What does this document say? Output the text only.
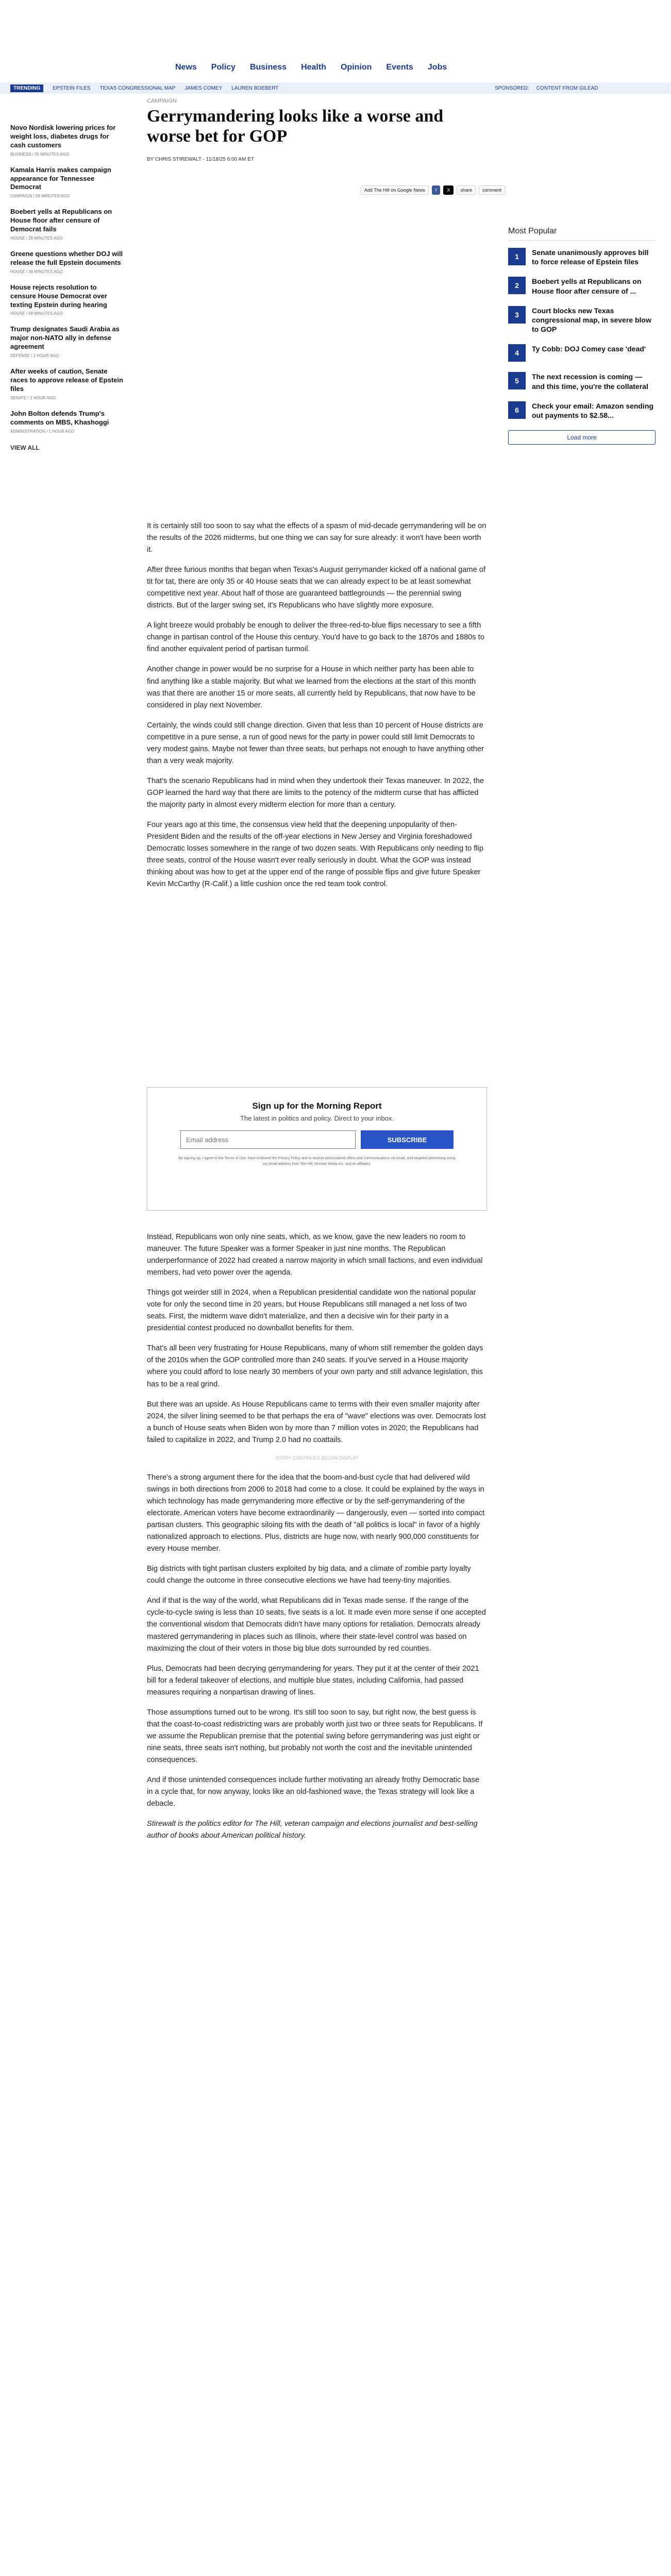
News Policy Business Health Opinion Events Jobs
TRENDING	EPSTEIN FILES TEXAS CONGRESSIONAL MAP JAMES COMEY LAUREN BOEBERT	SPONSORED: CONTENT FROM GILEAD
Novo Nordisk lowering prices for weight loss, diabetes drugs for cash customers
BUSINESS / 25 MINUTES AGO
Kamala Harris makes campaign appearance for Tennessee Democrat
CAMPAIGN / 28 MINUTES AGO
Boebert yells at Republicans on House floor after censure of Democrat fails
HOUSE / 28 MINUTES AGO
Greene questions whether DOJ will release the full Epstein documents
HOUSE / 38 MINUTES AGO
House rejects resolution to censure House Democrat over texting Epstein during hearing
HOUSE / 58 MINUTES AGO
Trump designates Saudi Arabia as major non-NATO ally in defense agreement
DEFENSE / 1 HOUR AGO
After weeks of caution, Senate races to approve release of Epstein files
SENATE / 1 HOUR AGO
John Bolton defends Trump's comments on MBS, Khashoggi
ADMINISTRATION / 1 HOUR AGO
VIEW ALL
CAMPAIGN
Gerrymandering looks like a worse and worse bet for GOP
BY CHRIS STIREWALT - 11/18/25 6:00 AM ET
Add The Hill on Google News	f	X	share	comment
Most Popular
1	Senate unanimously approves bill to force release of Epstein files
2	Boebert yells at Republicans on House floor after censure of ...
3	Court blocks new Texas congressional map, in severe blow to GOP
4	Ty Cobb: DOJ Comey case 'dead'
5	The next recession is coming — and this time, you're the collateral
6	Check your email: Amazon sending out payments to $2.58...
Load more

It is certainly still too soon to say what the effects of a spasm of mid-decade gerrymandering will be on the results of the 2026 midterms, but one thing we can say for sure already: it won't have been worth it.

After three furious months that began when Texas's August gerrymander kicked off a national game of tit for tat, there are only 35 or 40 House seats that we can already expect to be at least somewhat competitive next year. About half of those are guaranteed battlegrounds — the perennial swing districts. But of the larger swing set, it's Republicans who have slightly more exposure.

A light breeze would probably be enough to deliver the three-red-to-blue flips necessary to see a fifth change in partisan control of the House this century. You'd have to go back to the 1870s and 1880s to find another equivalent period of partisan turmoil.

Another change in power would be no surprise for a House in which neither party has been able to find anything like a stable majority. But what we learned from the elections at the start of this month was that there are another 15 or more seats, all currently held by Republicans, that now have to be considered in play next November.

Certainly, the winds could still change direction. Given that less than 10 percent of House districts are competitive in a pure sense, a run of good news for the party in power could still limit Democrats to very modest gains. Maybe not fewer than three seats, but perhaps not enough to have anything other than a very weak majority.

That's the scenario Republicans had in mind when they undertook their Texas maneuver. In 2022, the GOP learned the hard way that there are limits to the potency of the midterm curse that has afflicted the majority party in almost every midterm election for more than a century.

Four years ago at this time, the consensus view held that the deepening unpopularity of then-President Biden and the results of the off-year elections in New Jersey and Virginia foreshadowed Democratic losses somewhere in the range of two dozen seats. With Republicans only needing to flip three seats, control of the House wasn't ever really seriously in doubt. What the GOP was instead thinking about was how to get at the upper end of the range of possible flips and give future Speaker Kevin McCarthy (R-Calif.) a little cushion once the red team took control.

Sign up for the Morning Report
The latest in politics and policy. Direct to your inbox.
Email address
SUBSCRIBE
By signing up, I agree to the Terms of Use, have reviewed the Privacy Policy and to receive personalized offers and communications via email, and targeted advertising using my email address from The Hill, Nexstar Media Inc. and its affiliates.

Instead, Republicans won only nine seats, which, as we know, gave the new leaders no room to maneuver. The future Speaker was a former Speaker in just nine months. The Republican underperformance of 2022 had created a narrow majority in which small factions, and even individual members, had veto power over the agenda.

Things got weirder still in 2024, when a Republican presidential candidate won the national popular vote for only the second time in 20 years, but House Republicans still managed a net loss of two seats. First, the midterm wave didn't materialize, and then a decisive win for their party in a presidential contest produced no downballot benefits for them.

That's all been very frustrating for House Republicans, many of whom still remember the golden days of the 2010s when the GOP controlled more than 240 seats. If you've served in a House majority where you could afford to lose nearly 30 members of your own party and still advance legislation, this has to be a real grind.

But there was an upside. As House Republicans came to terms with their even smaller majority after 2024, the silver lining seemed to be that perhaps the era of "wave" elections was over. Democrats lost a bunch of House seats when Biden won by more than 7 million votes in 2020; the Republicans had failed to capitalize in 2022, and Trump 2.0 had no coattails.

STORY CONTINUES BELOW DISPLAY

There's a strong argument there for the idea that the boom-and-bust cycle that had delivered wild swings in both directions from 2006 to 2018 had come to a close. It could be explained by the ways in which technology has made gerrymandering more effective or by the self-gerrymandering of the electorate. American voters have become extraordinarily — dangerously, even — sorted into compact partisan clusters. This geographic siloing fits with the death of "all politics is local" in favor of a highly nationalized approach to elections. Plus, districts are huge now, with nearly 900,000 constituents for every House member.

Big districts with tight partisan clusters exploited by big data, and a climate of zombie party loyalty could change the outcome in three consecutive elections we have had teeny-tiny majorities.

And if that is the way of the world, what Republicans did in Texas made sense. If the range of the cycle-to-cycle swing is less than 10 seats, five seats is a lot. It made even more sense if one accepted the conventional wisdom that Democrats didn't have many options for retaliation. Democrats already mastered gerrymandering in places such as Illinois, where their state-level control was based on maximizing the clout of their voters in those big blue dots surrounded by red counties.

Plus, Democrats had been decrying gerrymandering for years. They put it at the center of their 2021 bill for a federal takeover of elections, and multiple blue states, including California, had passed measures requiring a nonpartisan drawing of lines.

Those assumptions turned out to be wrong. It's still too soon to say, but right now, the best guess is that the coast-to-coast redistricting wars are probably worth just two or three seats for Republicans. If we assume the Republican premise that the potential swing before gerrymandering was just eight or nine seats, three seats isn't nothing, but probably not worth the cost and the inevitable unintended consequences.

And if those unintended consequences include further motivating an already frothy Democratic base in a cycle that, for now anyway, looks like an old-fashioned wave, the Texas strategy will look like a debacle.

Stirewalt is the politics editor for The Hill, veteran campaign and elections journalist and best-selling author of books about American political history.
